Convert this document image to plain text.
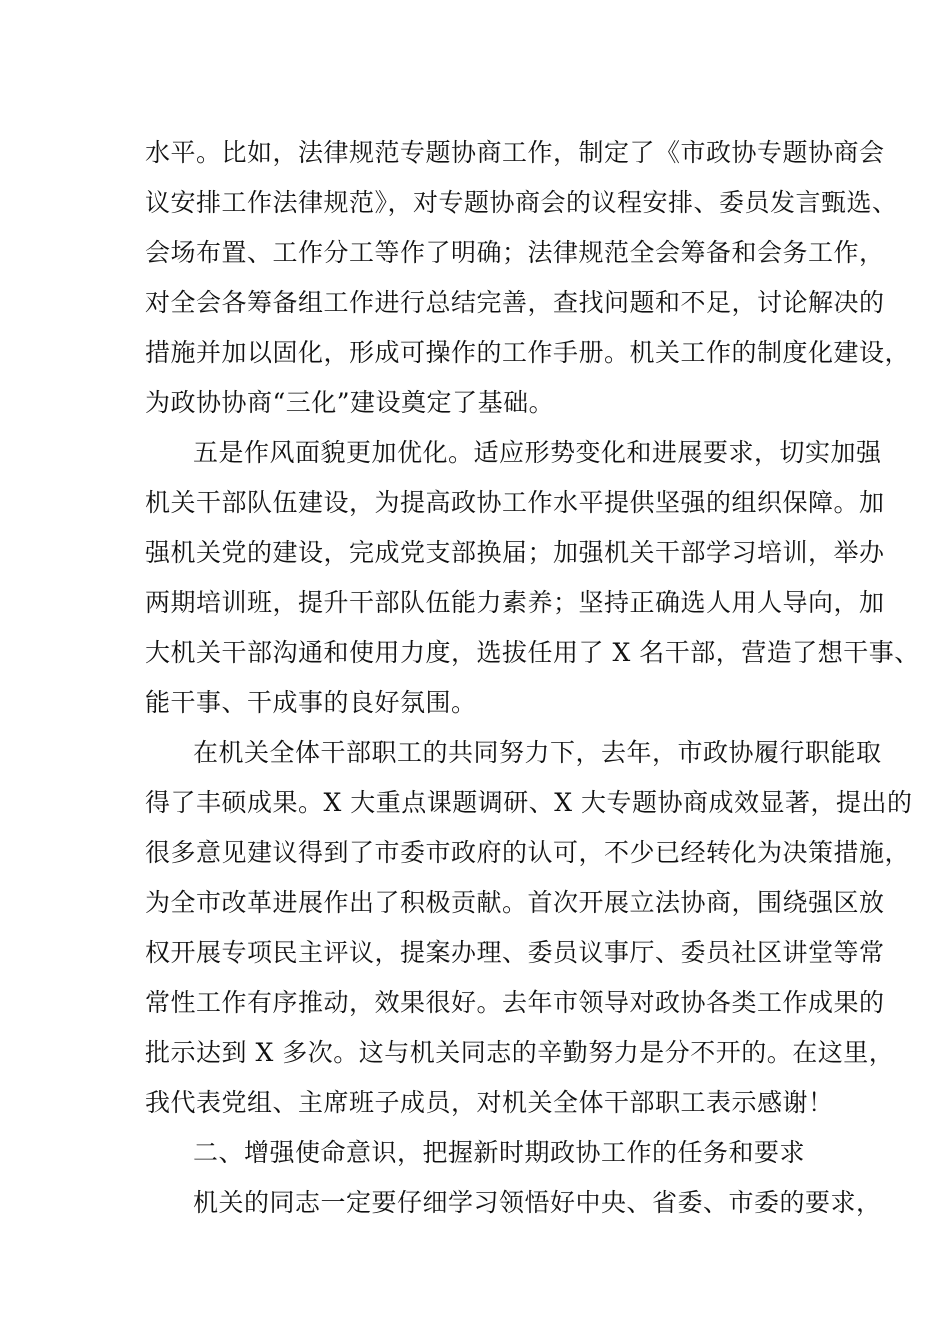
水平。比如，法律规范专题协商工作，制定了《市政协专题协商会
议安排工作法律规范》，对专题协商会的议程安排、委员发言甄选、
会场布置、工作分工等作了明确；法律规范全会筹备和会务工作，
对全会各筹备组工作进行总结完善，查找问题和不足，讨论解决的
措施并加以固化，形成可操作的工作手册。机关工作的制度化建设，
为政协协商“三化”建设奠定了基础。
五是作风面貌更加优化。适应形势变化和进展要求，切实加强
机关干部队伍建设，为提高政协工作水平提供坚强的组织保障。加
强机关党的建设，完成党支部换届；加强机关干部学习培训，举办
两期培训班，提升干部队伍能力素养；坚持正确选人用人导向，加
大机关干部沟通和使用力度，选拔任用了 X 名干部，营造了想干事、
能干事、干成事的良好氛围。
在机关全体干部职工的共同努力下，去年，市政协履行职能取
得了丰硕成果。X 大重点课题调研、X 大专题协商成效显著，提出的
很多意见建议得到了市委市政府的认可，不少已经转化为决策措施，
为全市改革进展作出了积极贡献。首次开展立法协商，围绕强区放
权开展专项民主评议，提案办理、委员议事厅、委员社区讲堂等常
常性工作有序推动，效果很好。去年市领导对政协各类工作成果的
批示达到 X 多次。这与机关同志的辛勤努力是分不开的。在这里，
我代表党组、主席班子成员，对机关全体干部职工表示感谢！
二、增强使命意识，把握新时期政协工作的任务和要求
机关的同志一定要仔细学习领悟好中央、省委、市委的要求，
